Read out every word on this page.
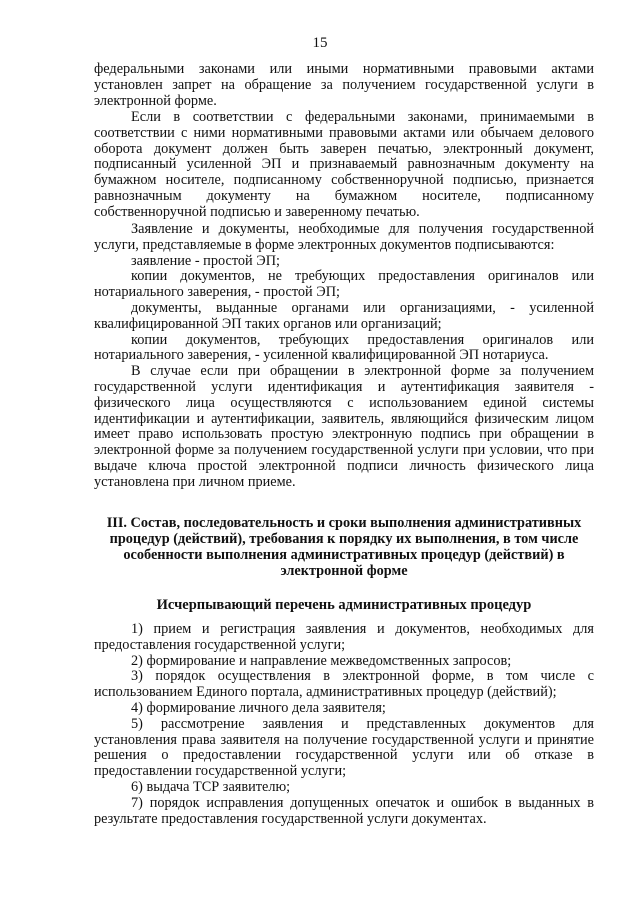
15

федеральными законами или иными нормативными правовыми актами установлен запрет на обращение за получением государственной услуги в электронной форме.

Если в соответствии с федеральными законами, принимаемыми в соответствии с ними нормативными правовыми актами или обычаем делового оборота документ должен быть заверен печатью, электронный документ, подписанный усиленной ЭП и признаваемый равнозначным документу на бумажном носителе, подписанному собственноручной подписью, признается равнозначным документу на бумажном носителе, подписанному собственноручной подписью и заверенному печатью.

Заявление и документы, необходимые для получения государственной услуги, представляемые в форме электронных документов подписываются:

заявление - простой ЭП;

копии документов, не требующих предоставления оригиналов или нотариального заверения, - простой ЭП;

документы, выданные органами или организациями, - усиленной квалифицированной ЭП таких органов или организаций;

копии документов, требующих предоставления оригиналов или нотариального заверения, - усиленной квалифицированной ЭП нотариуса.

В случае если при обращении в электронной форме за получением государственной услуги идентификация и аутентификация заявителя - физического лица осуществляются с использованием единой системы идентификации и аутентификации, заявитель, являющийся физическим лицом имеет право использовать простую электронную подпись при обращении в электронной форме за получением государственной услуги при условии, что при выдаче ключа простой электронной подписи личность физического лица установлена при личном приеме.

III. Состав, последовательность и сроки выполнения административных процедур (действий), требования к порядку их выполнения, в том числе особенности выполнения административных процедур (действий) в электронной форме
Исчерпывающий перечень административных процедур

1) прием и регистрация заявления и документов, необходимых для предоставления государственной услуги;

2) формирование и направление межведомственных запросов;

3) порядок осуществления в электронной форме, в том числе с использованием Единого портала, административных процедур (действий);

4) формирование личного дела заявителя;

5) рассмотрение заявления и представленных документов для установления права заявителя на получение государственной услуги и принятие решения о предоставлении государственной услуги или об отказе в предоставлении государственной услуги;

6) выдача ТСР заявителю;

7) порядок исправления допущенных опечаток и ошибок в выданных в результате предоставления государственной услуги документах.
